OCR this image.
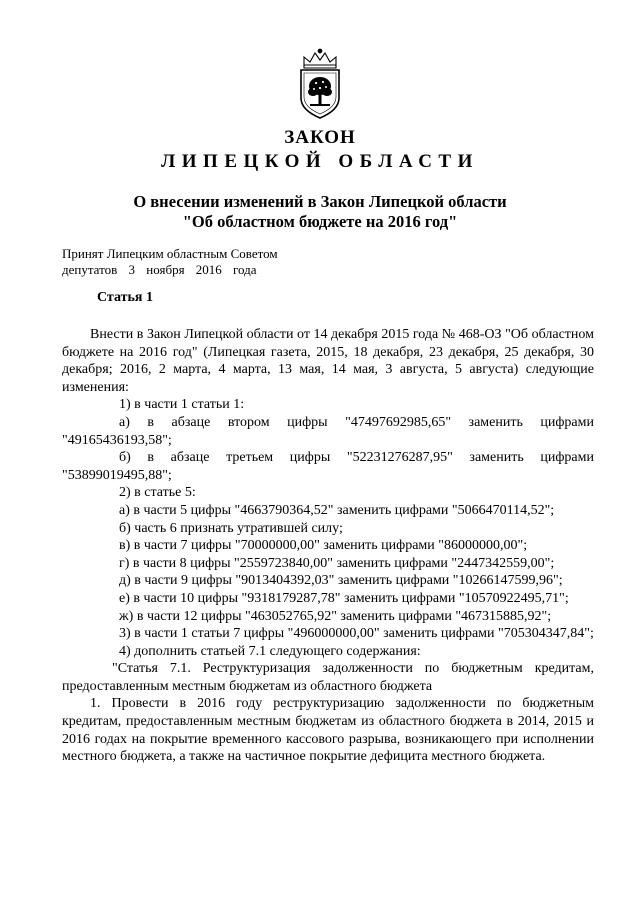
ЗАКОН
ЛИПЕЦКОЙ ОБЛАСТИ
О внесении изменений в Закон Липецкой области
"Об областном бюджете на 2016 год"
Принят Липецким областным Советом
депутатов 3 ноября 2016 года
Статья 1

Внести в Закон Липецкой области от 14 декабря 2015 года № 468-ОЗ "Об областном бюджете на 2016 год" (Липецкая газета, 2015, 18 декабря, 23 декабря, 25 декабря, 30 декабря; 2016, 2 марта, 4 марта, 13 мая, 14 мая, 3 августа, 5 августа) следующие изменения:

1) в части 1 статьи 1:

а) в абзаце втором цифры "47497692985,65" заменить цифрами "49165436193,58";

б) в абзаце третьем цифры "52231276287,95" заменить цифрами "53899019495,88";

2) в статье 5:

а) в части 5 цифры "4663790364,52" заменить цифрами "5066470114,52";

б) часть 6 признать утратившей силу;

в) в части 7 цифры "70000000,00" заменить цифрами "86000000,00";

г) в части 8 цифры "2559723840,00" заменить цифрами "2447342559,00";

д) в части 9 цифры "9013404392,03" заменить цифрами "10266147599,96";

е) в части 10 цифры "9318179287,78" заменить цифрами "10570922495,71";

ж) в части 12 цифры "463052765,92" заменить цифрами "467315885,92";

3) в части 1 статьи 7 цифры "496000000,00" заменить цифрами "705304347,84";

4) дополнить статьей 7.1 следующего содержания:

"Статья 7.1. Реструктуризация задолженности по бюджетным кредитам, предоставленным местным бюджетам из областного бюджета

1. Провести в 2016 году реструктуризацию задолженности по бюджетным кредитам, предоставленным местным бюджетам из областного бюджета в 2014, 2015 и 2016 годах на покрытие временного кассового разрыва, возникающего при исполнении местного бюджета, а также на частичное покрытие дефицита местного бюджета.
